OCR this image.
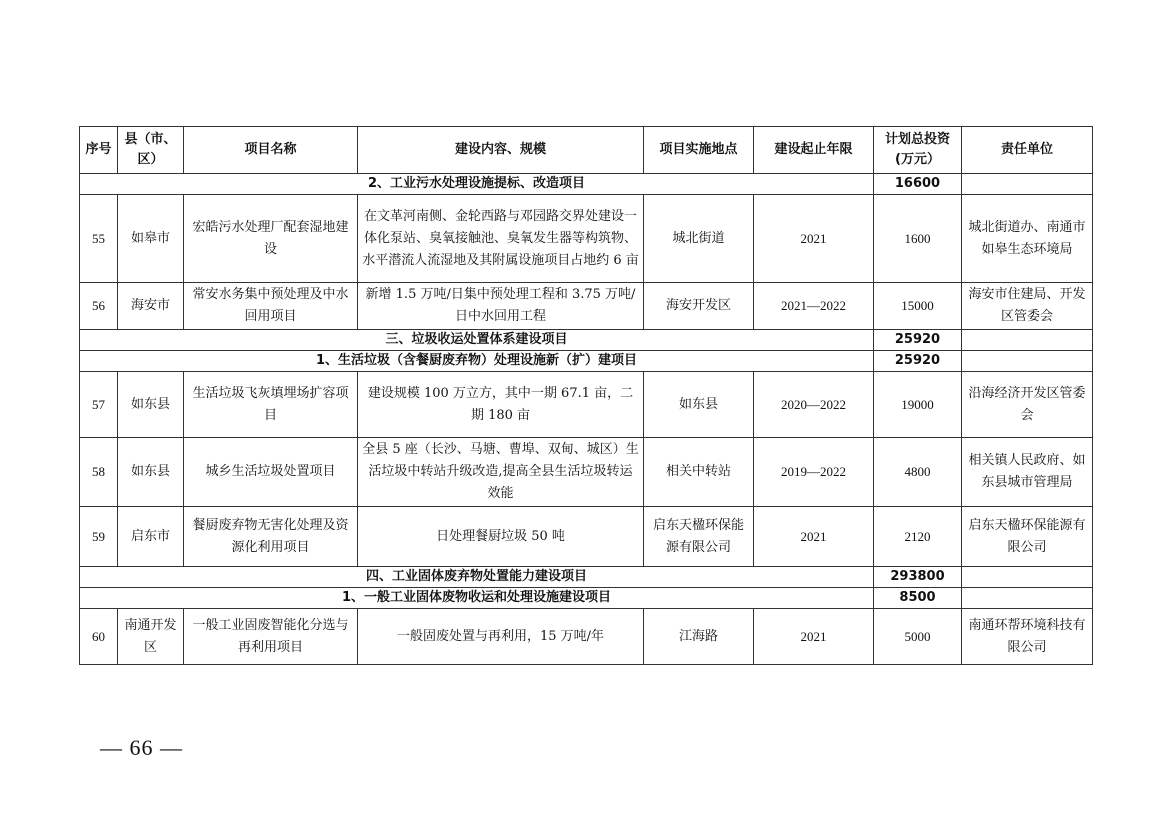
序号	县（市、区）	项目名称	建设内容、规模	项目实施地点	建设起止年限	计划总投资(万元）	责任单位
2、工业污水处理设施提标、改造项目						16600	
55	如皋市	宏皓污水处理厂配套湿地建设	在文革河南侧、金轮西路与邓园路交界处建设一体化泵站、臭氧接触池、臭氧发生器等构筑物、水平潜流人流湿地及其附属设施项目占地约 6 亩	城北街道	2021	1600	城北街道办、南通市如皋生态环境局
56	海安市	常安水务集中预处理及中水回用项目	新增 1.5 万吨/日集中预处理工程和 3.75 万吨/日中水回用工程	海安开发区	2021—2022	15000	海安市住建局、开发区管委会
三、垃圾收运处置体系建设项目						25920	
1、生活垃圾（含餐厨废弃物）处理设施新（扩）建项目						25920	
57	如东县	生活垃圾飞灰填埋场扩容项目	建设规模 100 万立方，其中一期 67.1 亩，二期 180 亩	如东县	2020—2022	19000	沿海经济开发区管委会
58	如东县	城乡生活垃圾处置项目	全县 5 座（长沙、马塘、曹埠、双甸、城区）生活垃圾中转站升级改造,提高全县生活垃圾转运效能	相关中转站	2019—2022	4800	相关镇人民政府、如东县城市管理局
59	启东市	餐厨废弃物无害化处理及资源化利用项目	日处理餐厨垃圾 50 吨	启东天楹环保能源有限公司	2021	2120	启东天楹环保能源有限公司
四、工业固体废弃物处置能力建设项目						293800	
1、一般工业固体废物收运和处理设施建设项目						8500	
60	南通开发区	一般工业固废智能化分选与再利用项目	一般固废处置与再利用，15 万吨/年	江海路	2021	5000	南通环帮环境科技有限公司
— 66 —
